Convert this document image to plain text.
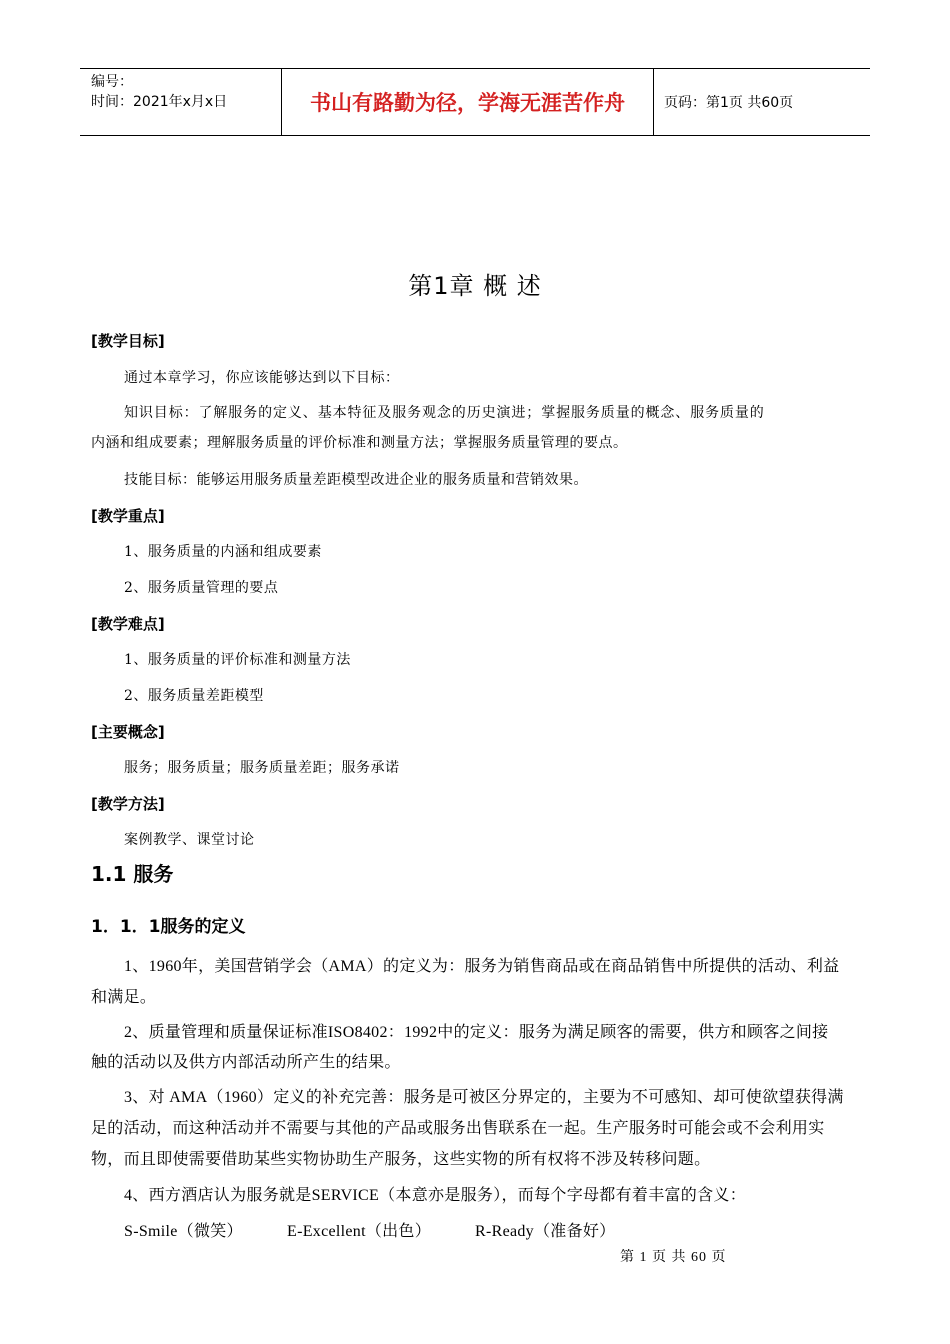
编号：
时间：2021年x月x日	书山有路勤为径，学海无涯苦作舟	页码：第1页 共60页
第1章 概 述
[教学目标]
通过本章学习，你应该能够达到以下目标：
知识目标：了解服务的定义、基本特征及服务观念的历史演进；掌握服务质量的概念、服务质量的
内涵和组成要素；理解服务质量的评价标准和测量方法；掌握服务质量管理的要点。
技能目标：能够运用服务质量差距模型改进企业的服务质量和营销效果。
[教学重点]
1、服务质量的内涵和组成要素
2、服务质量管理的要点
[教学难点]
1、服务质量的评价标准和测量方法
2、服务质量差距模型
[主要概念]
服务；服务质量；服务质量差距；服务承诺
[教学方法]
案例教学、课堂讨论
1.1 服务
1．1．1服务的定义
1、1960年，美国营销学会（AMA）的定义为：服务为销售商品或在商品销售中所提供的活动、利益
和满足。
2、质量管理和质量保证标准ISO8402：1992中的定义：服务为满足顾客的需要，供方和顾客之间接
触的活动以及供方内部活动所产生的结果。
3、对 AMA（1960）定义的补充完善：服务是可被区分界定的，主要为不可感知、却可使欲望获得满
足的活动，而这种活动并不需要与其他的产品或服务出售联系在一起。生产服务时可能会或不会利用实
物，而且即使需要借助某些实物协助生产服务，这些实物的所有权将不涉及转移问题。
4、西方酒店认为服务就是SERVICE（本意亦是服务），而每个字母都有着丰富的含义：
S-Smile（微笑）	E-Excellent（出色）	R-Ready（准备好）
第 1 页 共 60 页
